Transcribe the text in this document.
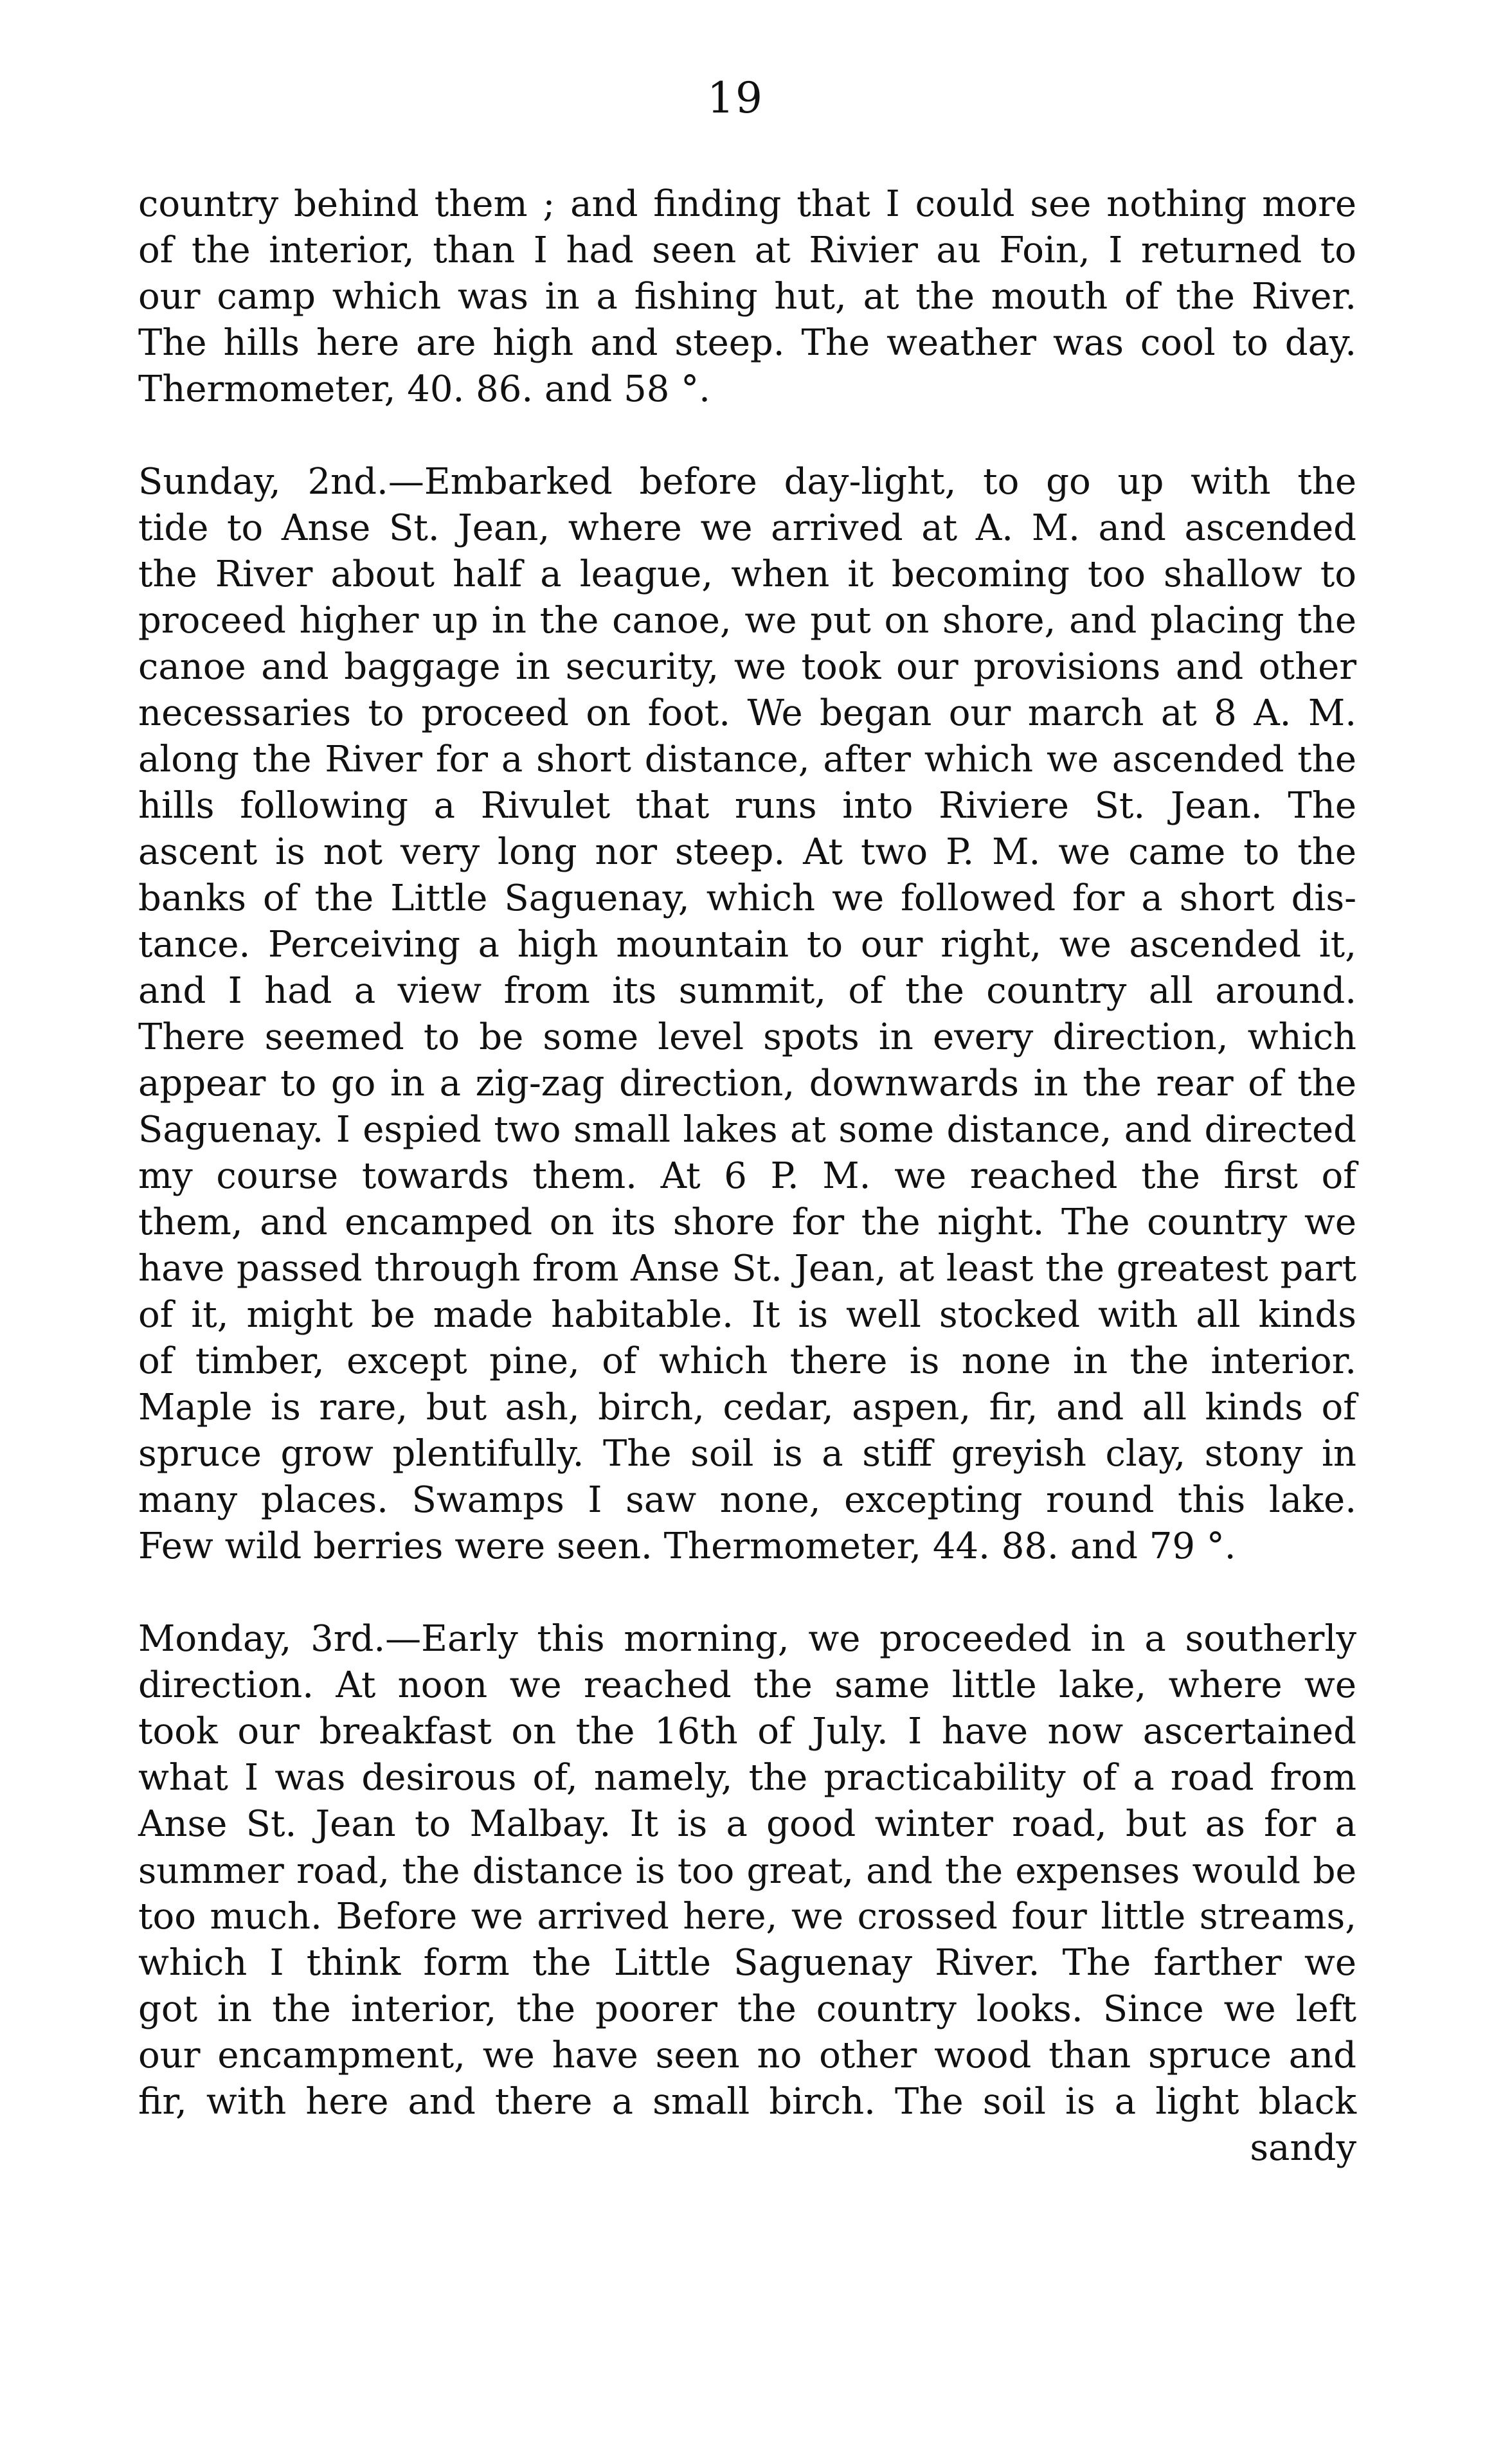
19
country behind them ; and finding that I could see nothing more
of the interior, than I had seen at Rivier au Foin, I returned to
our camp which was in a fishing hut, at the mouth of the River.
The hills here are high and steep. The weather was cool to day.
Thermometer, 40. 86. and 58 °.
Sunday, 2nd.—Embarked before day-light, to go up with the
tide to Anse St. Jean, where we arrived at A. M. and ascended
the River about half a league, when it becoming too shallow to
proceed higher up in the canoe, we put on shore, and placing the
canoe and baggage in security, we took our provisions and other
necessaries to proceed on foot. We began our march at 8 A. M.
along the River for a short distance, after which we ascended the
hills following a Rivulet that runs into Riviere St. Jean. The
ascent is not very long nor steep. At two P. M. we came to the
banks of the Little Saguenay, which we followed for a short dis-
tance. Perceiving a high mountain to our right, we ascended it,
and I had a view from its summit, of the country all around.
There seemed to be some level spots in every direction, which
appear to go in a zig-zag direction, downwards in the rear of the
Saguenay. I espied two small lakes at some distance, and directed
my course towards them. At 6 P. M. we reached the first of
them, and encamped on its shore for the night. The country we
have passed through from Anse St. Jean, at least the greatest part
of it, might be made habitable. It is well stocked with all kinds
of timber, except pine, of which there is none in the interior.
Maple is rare, but ash, birch, cedar, aspen, fir, and all kinds of
spruce grow plentifully. The soil is a stiff greyish clay, stony in
many places. Swamps I saw none, excepting round this lake.
Few wild berries were seen. Thermometer, 44. 88. and 79 °.
Monday, 3rd.—Early this morning, we proceeded in a southerly
direction. At noon we reached the same little lake, where we
took our breakfast on the 16th of July. I have now ascertained
what I was desirous of, namely, the practicability of a road from
Anse St. Jean to Malbay. It is a good winter road, but as for a
summer road, the distance is too great, and the expenses would be
too much. Before we arrived here, we crossed four little streams,
which I think form the Little Saguenay River. The farther we
got in the interior, the poorer the country looks. Since we left
our encampment, we have seen no other wood than spruce and
fir, with here and there a small birch. The soil is a light black
sandy
